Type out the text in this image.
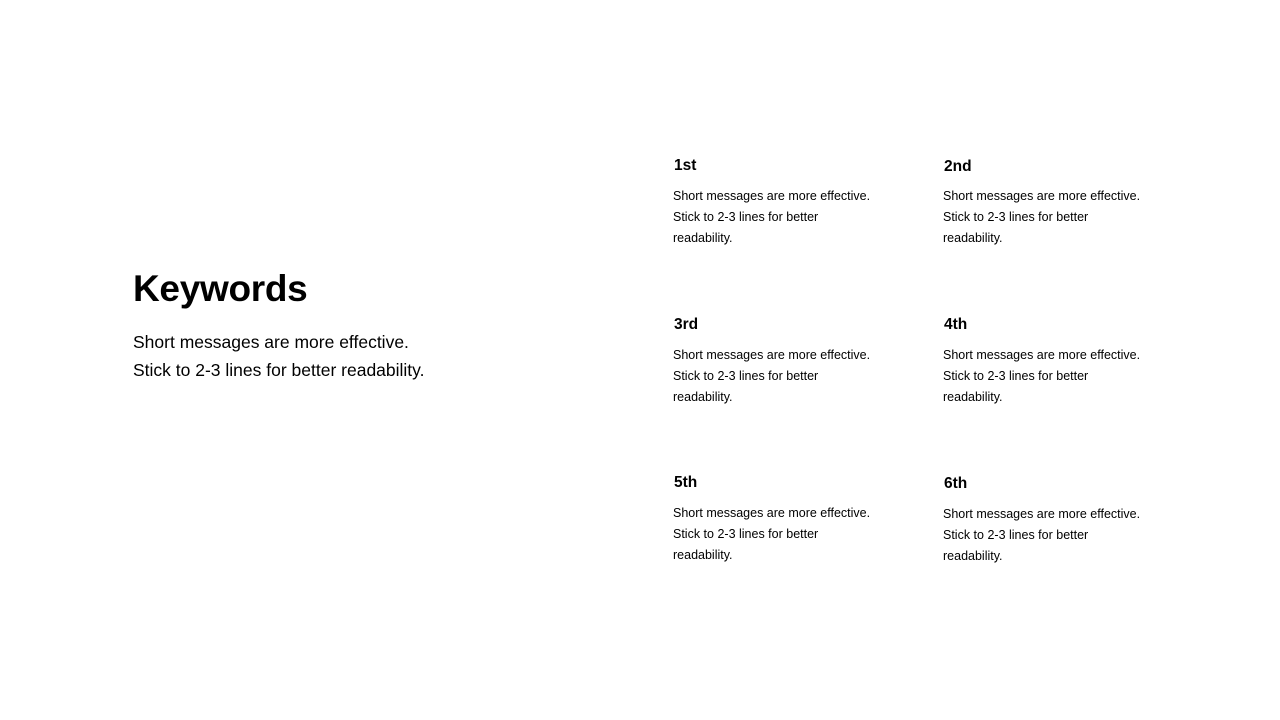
Keywords

Short messages are more effective.
Stick to 2-3 lines for better readability.

1st

Short messages are more effective.
Stick to 2-3 lines for better
readability.

2nd

Short messages are more effective.
Stick to 2-3 lines for better
readability.

3rd

Short messages are more effective.
Stick to 2-3 lines for better
readability.

4th

Short messages are more effective.
Stick to 2-3 lines for better
readability.

5th

Short messages are more effective.
Stick to 2-3 lines for better
readability.

6th

Short messages are more effective.
Stick to 2-3 lines for better
readability.
